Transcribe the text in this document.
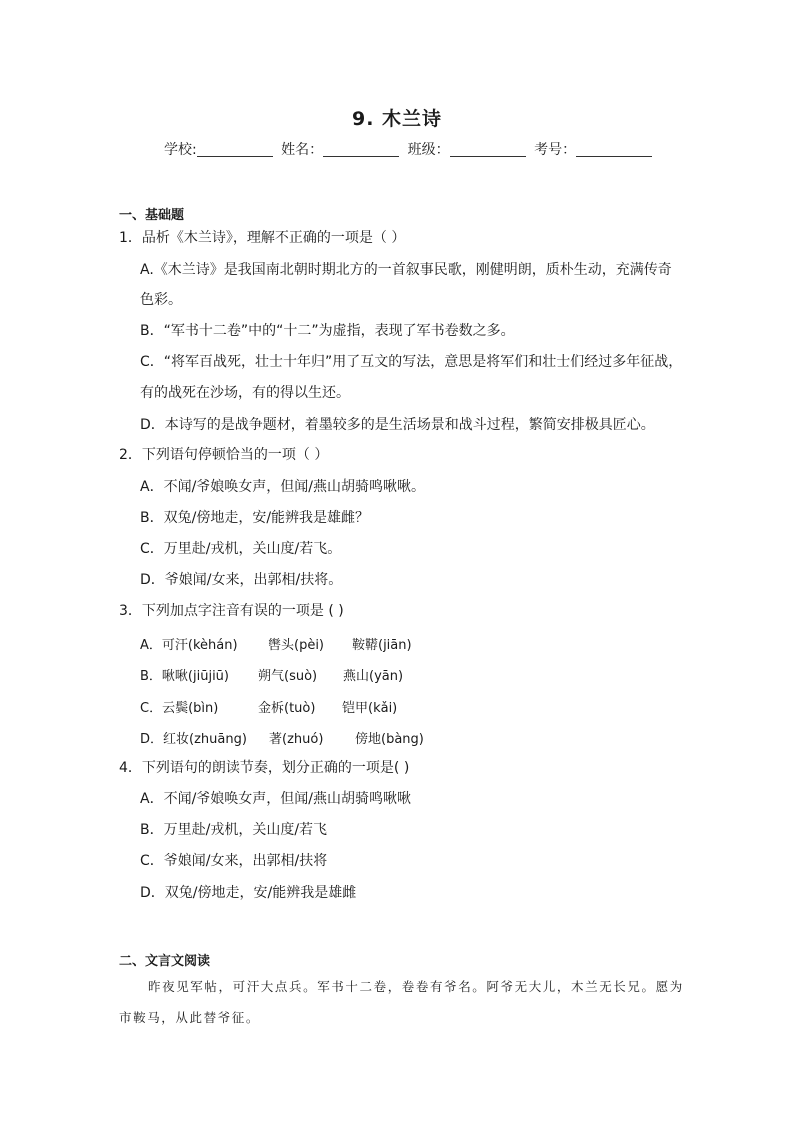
9. 木兰诗
学校:	姓名：	班级：	考号：
一、基础题
1．品析《木兰诗》，理解不正确的一项是（ ）
A.《木兰诗》是我国南北朝时期北方的一首叙事民歌，刚健明朗，质朴生动，充满传奇
色彩。
B．“军书十二卷”中的“十二”为虚指，表现了军书卷数之多。
C．“将军百战死，壮士十年归”用了互文的写法，意思是将军们和壮士们经过多年征战，
有的战死在沙场，有的得以生还。
D．本诗写的是战争题材，着墨较多的是生活场景和战斗过程，繁简安排极具匠心。
2．下列语句停顿恰当的一项（ ）
A．不闻/爷娘唤女声，但闻/燕山胡骑鸣啾啾。
B．双兔/傍地走，安/能辨我是雄雌？
C．万里赴/戎机，关山度/若飞。
D．爷娘闻/女来，出郭相/扶将。
3．下列加点字注音有误的一项是 ( )
A．可汗(kèhán) 辔头(pèi) 鞍鞯(jiān)
B．啾啾(jiūjiū) 朔气(suò) 燕山(yān)
C．云鬓(bìn)	金柝(tuò) 铠甲(kǎi)
D．红妆(zhuāng) 著(zhuó) 傍地(bàng)
4．下列语句的朗读节奏，划分正确的一项是( )
A．不闻/爷娘唤女声，但闻/燕山胡骑鸣啾啾
B．万里赴/戎机，关山度/若飞
C．爷娘闻/女来，出郭相/扶将
D．双兔/傍地走，安/能辨我是雄雌
二、文言文阅读
昨夜见军帖，可汗大点兵。军书十二卷，卷卷有爷名。阿爷无大儿，木兰无长兄。愿为
市鞍马，从此替爷征。
